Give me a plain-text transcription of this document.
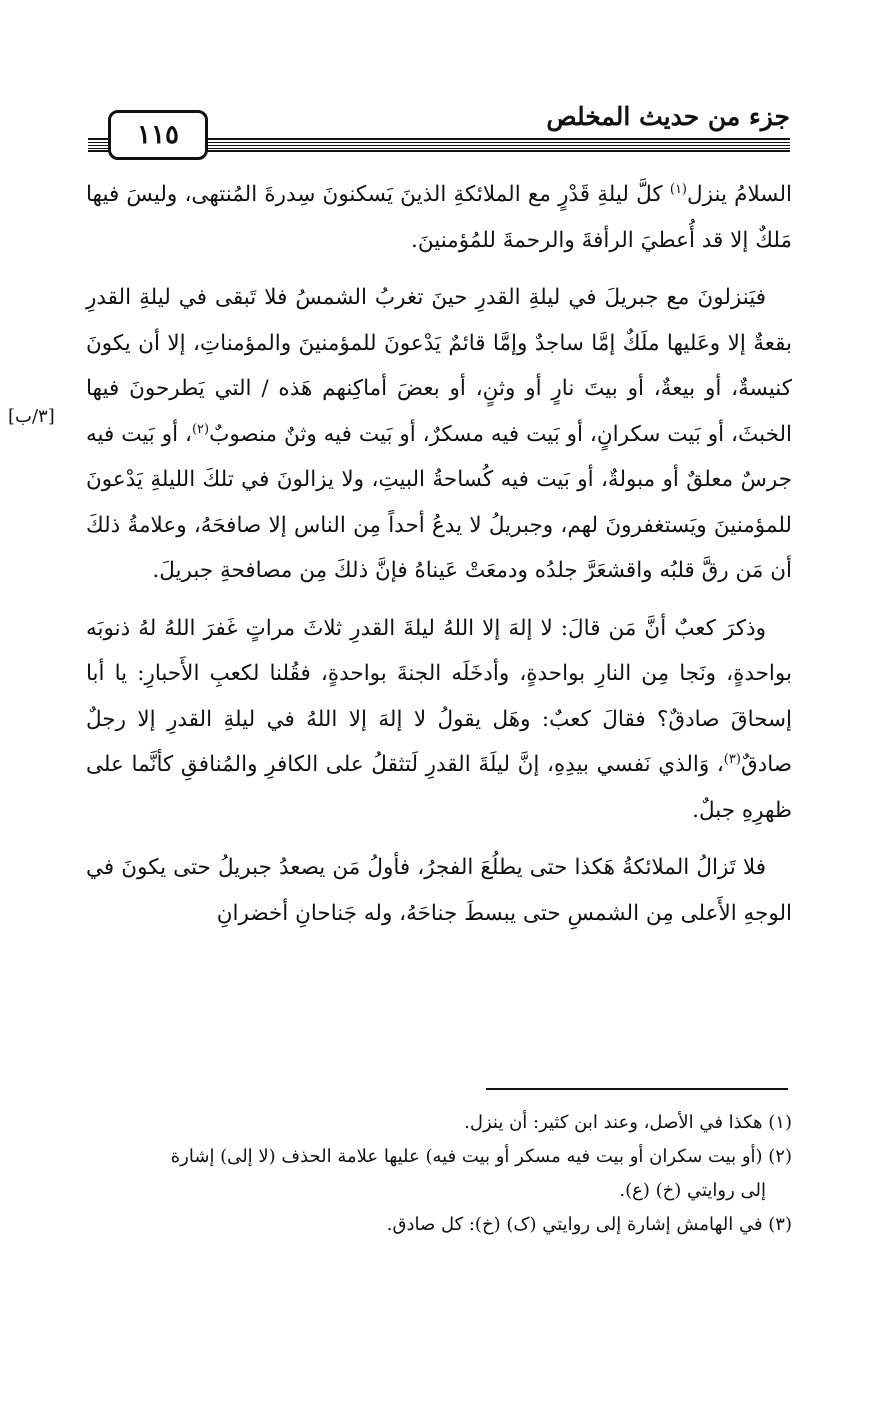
جزء من حديث المخلص
١١٥
[٣/ب]

السلامُ ينزل$^{(١)}$ كلَّ ليلةِ قَدْرٍ مع الملائكةِ الذينَ يَسكنونَ سِدرةَ المُنتهى، وليسَ فيها مَلكٌ إلا قد أُعطيَ الرأفةَ والرحمةَ للمُؤمنينَ.

فيَنزلونَ مع جبريلَ في ليلةِ القدرِ حينَ تغربُ الشمسُ فلا تَبقى في ليلةِ القدرِ بقعةٌ إلا وعَليها ملَكٌ إمَّا ساجدٌ وإمَّا قائمٌ يَدْعونَ للمؤمنينَ والمؤمناتِ، إلا أن يكونَ كنيسةٌ، أو بيعةٌ، أو بيتَ نارٍ أو وثنٍ، أو بعضَ أماكِنهم هَذه / التي يَطرحونَ فيها الخبثَ، أو بَيت سكرانٍ، أو بَيت فيه مسكرٌ، أو بَيت فيه وثنٌ منصوبٌ$^{(٢)}$، أو بَيت فيه جرسٌ معلقٌ أو مبولةٌ، أو بَيت فيه كُساحةُ البيتِ، ولا يزالونَ في تلكَ الليلةِ يَدْعونَ للمؤمنينَ ويَستغفرونَ لهم، وجبريلُ لا يدعُ أحداً مِن الناس إلا صافحَهُ، وعلامةُ ذلكَ أن مَن رقَّ قلبُه واقشعَرَّ جلدُه ودمعَتْ عَيناهُ فإنَّ ذلكَ مِن مصافحةِ جبريلَ.

وذكرَ كعبٌ أنَّ مَن قالَ: لا إلهَ إلا اللهُ ليلةَ القدرِ ثلاثَ مراتٍ غَفرَ اللهُ لهُ ذنوبَه بواحدةٍ، ونَجا مِن النارِ بواحدةٍ، وأدخَلَه الجنةَ بواحدةٍ، فقُلنا لكعبِ الأَحبارِ: يا أبا إسحاقَ صادقٌ؟ فقالَ كعبٌ: وهَل يقولُ لا إلهَ إلا اللهُ في ليلةِ القدرِ إلا رجلٌ صادقٌ$^{(٣)}$، وَالذي نَفسي بيدِهِ، إنَّ ليلَةَ القدرِ لَتثقلُ على الكافرِ والمُنافقِ كأنَّما على ظهرِهِ جبلٌ.

فلا تَزالُ الملائكةُ هَكذا حتى يطلُعَ الفجرُ، فأولُ مَن يصعدُ جبريلُ حتى يكونَ في الوجهِ الأَعلى مِن الشمسِ حتى يبسطَ جناحَهُ، وله جَناحانِ أخضرانِ

(١) هكذا في الأصل، وعند ابن كثير: أن ينزل.

(٢) (أو بيت سكران أو بيت فيه مسكر أو بيت فيه) عليها علامة الحذف (لا إلى) إشارة

إلى روايتي (خ) (ع).

(٣) في الهامش إشارة إلى روايتي (ک) (خ): كل صادق.
